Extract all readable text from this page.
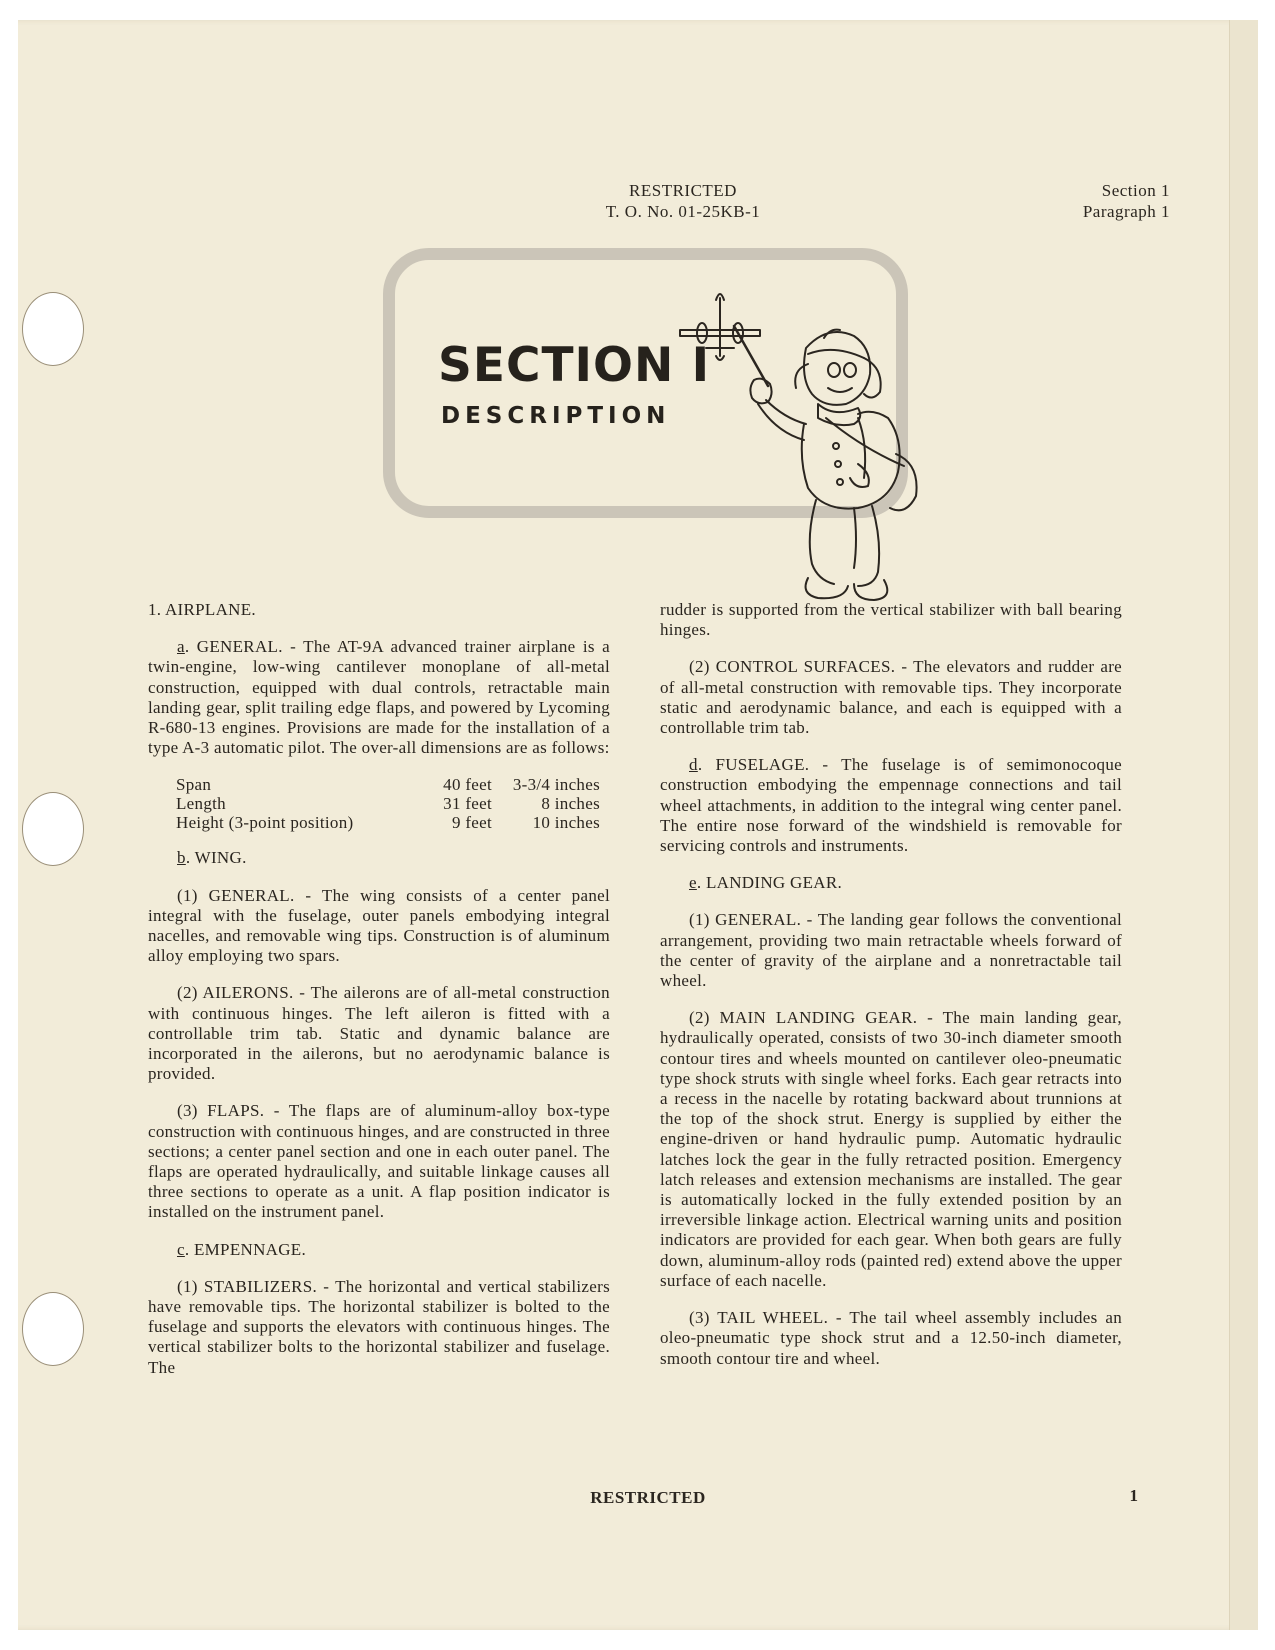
RESTRICTED
T. O. No. 01-25KB-1
Section 1
Paragraph 1
SECTION I
DESCRIPTION

1. AIRPLANE.

a. GENERAL. - The AT-9A advanced trainer airplane is a twin-engine, low-wing cantilever monoplane of all-metal construction, equipped with dual controls, retractable main landing gear, split trailing edge flaps, and powered by Lycoming R-680-13 engines. Provisions are made for the installation of a type A-3 automatic pilot. The over-all dimensions are as follows:

Span	40 feet	3-3/4 inches
Length	31 feet	8 inches
Height (3-point position)	9 feet	10 inches

b. WING.

(1) GENERAL. - The wing consists of a center panel integral with the fuselage, outer panels embodying integral nacelles, and removable wing tips. Construction is of aluminum alloy employing two spars.

(2) AILERONS. - The ailerons are of all-metal construction with continuous hinges. The left aileron is fitted with a controllable trim tab. Static and dynamic balance are incorporated in the ailerons, but no aerodynamic balance is provided.

(3) FLAPS. - The flaps are of aluminum-alloy box-type construction with continuous hinges, and are constructed in three sections; a center panel section and one in each outer panel. The flaps are operated hydraulically, and suitable linkage causes all three sections to operate as a unit. A flap position indicator is installed on the instrument panel.

c. EMPENNAGE.

(1) STABILIZERS. - The horizontal and vertical stabilizers have removable tips. The horizontal stabilizer is bolted to the fuselage and supports the elevators with continuous hinges. The vertical stabilizer bolts to the horizontal stabilizer and fuselage. The

rudder is supported from the vertical stabilizer with ball bearing hinges.

(2) CONTROL SURFACES. - The elevators and rudder are of all-metal construction with removable tips. They incorporate static and aerodynamic balance, and each is equipped with a controllable trim tab.

d. FUSELAGE. - The fuselage is of semimonocoque construction embodying the empennage connections and tail wheel attachments, in addition to the integral wing center panel. The entire nose forward of the windshield is removable for servicing controls and instruments.

e. LANDING GEAR.

(1) GENERAL. - The landing gear follows the conventional arrangement, providing two main retractable wheels forward of the center of gravity of the airplane and a nonretractable tail wheel.

(2) MAIN LANDING GEAR. - The main landing gear, hydraulically operated, consists of two 30-inch diameter smooth contour tires and wheels mounted on cantilever oleo-pneumatic type shock struts with single wheel forks. Each gear retracts into a recess in the nacelle by rotating backward about trunnions at the top of the shock strut. Energy is supplied by either the engine-driven or hand hydraulic pump. Automatic hydraulic latches lock the gear in the fully retracted position. Emergency latch releases and extension mechanisms are installed. The gear is automatically locked in the fully extended position by an irreversible linkage action. Electrical warning units and position indicators are provided for each gear. When both gears are fully down, aluminum-alloy rods (painted red) extend above the upper surface of each nacelle.

(3) TAIL WHEEL. - The tail wheel assembly includes an oleo-pneumatic type shock strut and a 12.50-inch diameter, smooth contour tire and wheel.

RESTRICTED	1
